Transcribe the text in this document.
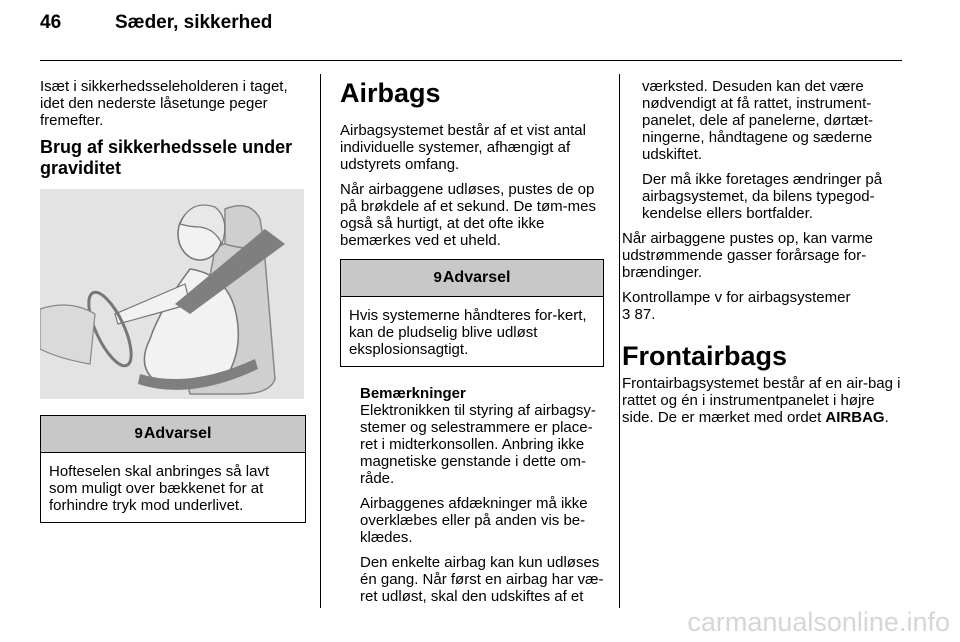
46	Sæder, sikkerhed

Isæt i sikkerhedsseleholderen i taget, idet den nederste låsetunge peger fremefter.

Brug af sikkerhedssele under graviditet
9Advarsel
Hofteselen skal anbringes så lavt som muligt over bækkenet for at forhindre tryk mod underlivet.
Airbags

Airbagsystemet består af et vist antal individuelle systemer, afhængigt af udstyrets omfang.

Når airbaggene udløses, pustes de op på brøkdele af et sekund. De tøm-mes også så hurtigt, at det ofte ikke bemærkes ved et uheld.

9Advarsel
Hvis systemerne håndteres for-kert, kan de pludselig blive udløst eksplosionsagtigt.
Bemærkninger

Elektronikken til styring af airbagsy-stemer og selestrammere er place-ret i midterkonsollen. Anbring ikke magnetiske genstande i dette om-råde.

Airbaggenes afdækninger må ikke overklæbes eller på anden vis be-klædes.

Den enkelte airbag kan kun udløses én gang. Når først en airbag har væ-ret udløst, skal den udskiftes af et

værksted. Desuden kan det være nødvendigt at få rattet, instrument-panelet, dele af panelerne, dørtæt-ningerne, håndtagene og sæderne udskiftet.

Der må ikke foretages ændringer på airbagsystemet, da bilens typegod-kendelse ellers bortfalder.

Når airbaggene pustes op, kan varme udstrømmende gasser forårsage for-brændinger.

Kontrollampe v for airbagsystemer
3 87.

Frontairbags

Frontairbagsystemet består af en air-bag i rattet og én i instrumentpanelet i højre side. De er mærket med ordet AIRBAG.

carmanualsonline.info
